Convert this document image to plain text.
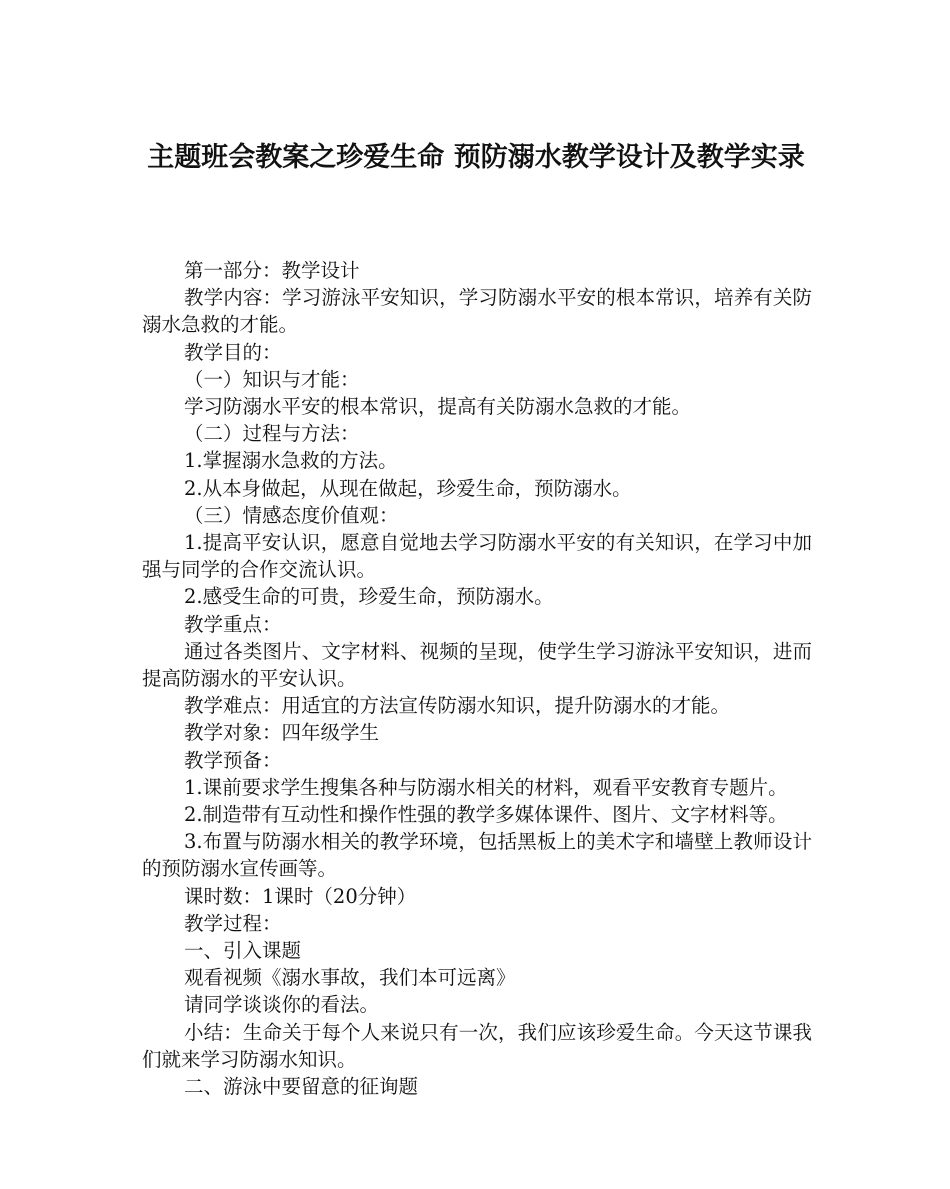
主题班会教案之珍爱生命 预防溺水教学设计及教学实录

第一部分：教学设计

教学内容：学习游泳平安知识，学习防溺水平安的根本常识，培养有关防溺水急救的才能。

教学目的：

（一）知识与才能：

学习防溺水平安的根本常识，提高有关防溺水急救的才能。

（二）过程与方法：

1.掌握溺水急救的方法。

2.从本身做起，从现在做起，珍爱生命，预防溺水。

（三）情感态度价值观：

1.提高平安认识，愿意自觉地去学习防溺水平安的有关知识，在学习中加强与同学的合作交流认识。

2.感受生命的可贵，珍爱生命，预防溺水。

教学重点：

通过各类图片、文字材料、视频的呈现，使学生学习游泳平安知识，进而提高防溺水的平安认识。

教学难点：用适宜的方法宣传防溺水知识，提升防溺水的才能。

教学对象：四年级学生

教学预备：

1.课前要求学生搜集各种与防溺水相关的材料，观看平安教育专题片。

2.制造带有互动性和操作性强的教学多媒体课件、图片、文字材料等。

3.布置与防溺水相关的教学环境，包括黑板上的美术字和墙壁上教师设计的预防溺水宣传画等。

课时数：1课时（20分钟）

教学过程：

一、引入课题

观看视频《溺水事故，我们本可远离》

请同学谈谈你的看法。

小结：生命关于每个人来说只有一次，我们应该珍爱生命。今天这节课我们就来学习防溺水知识。

二、游泳中要留意的征询题
